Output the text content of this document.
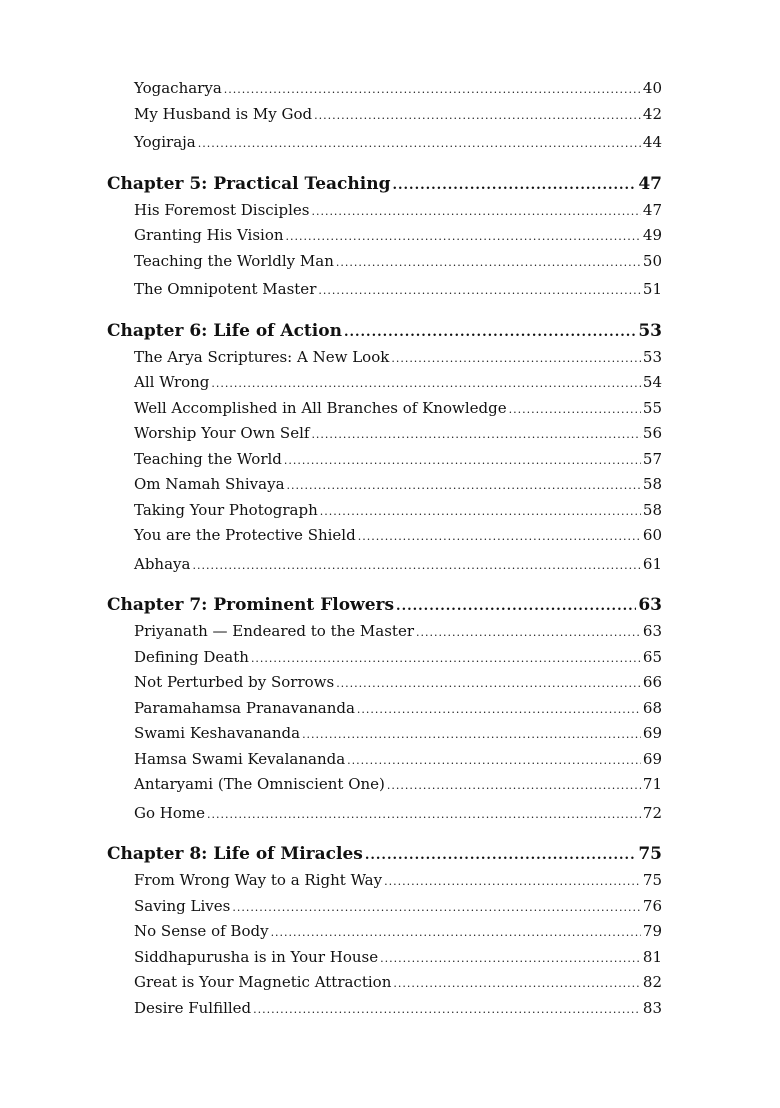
Yogacharya .....	40
My Husband is My God .....	42
Yogiraja .....	44
Chapter 5: Practical Teaching .....	47
His Foremost Disciples .....	47
Granting His Vision .....	49
Teaching the Worldly Man .....	50
The Omnipotent Master .....	51
Chapter 6: Life of Action .....	53
The Arya Scriptures: A New Look .....	53
All Wrong .....	54
Well Accomplished in All Branches of Knowledge .....	55
Worship Your Own Self .....	56
Teaching the World .....	57
Om Namah Shivaya .....	58
Taking Your Photograph .....	58
You are the Protective Shield .....	60
Abhaya .....	61
Chapter 7: Prominent Flowers .....	63
Priyanath — Endeared to the Master .....	63
Defining Death .....	65
Not Perturbed by Sorrows .....	66
Paramahamsa Pranavananda .....	68
Swami Keshavananda .....	69
Hamsa Swami Kevalananda .....	69
Antaryami (The Omniscient One) .....	71
Go Home .....	72
Chapter 8: Life of Miracles .....	75
From Wrong Way to a Right Way .....	75
Saving Lives .....	76
No Sense of Body .....	79
Siddhapurusha is in Your House .....	81
Great is Your Magnetic Attraction .....	82
Desire Fulfilled .....	83
